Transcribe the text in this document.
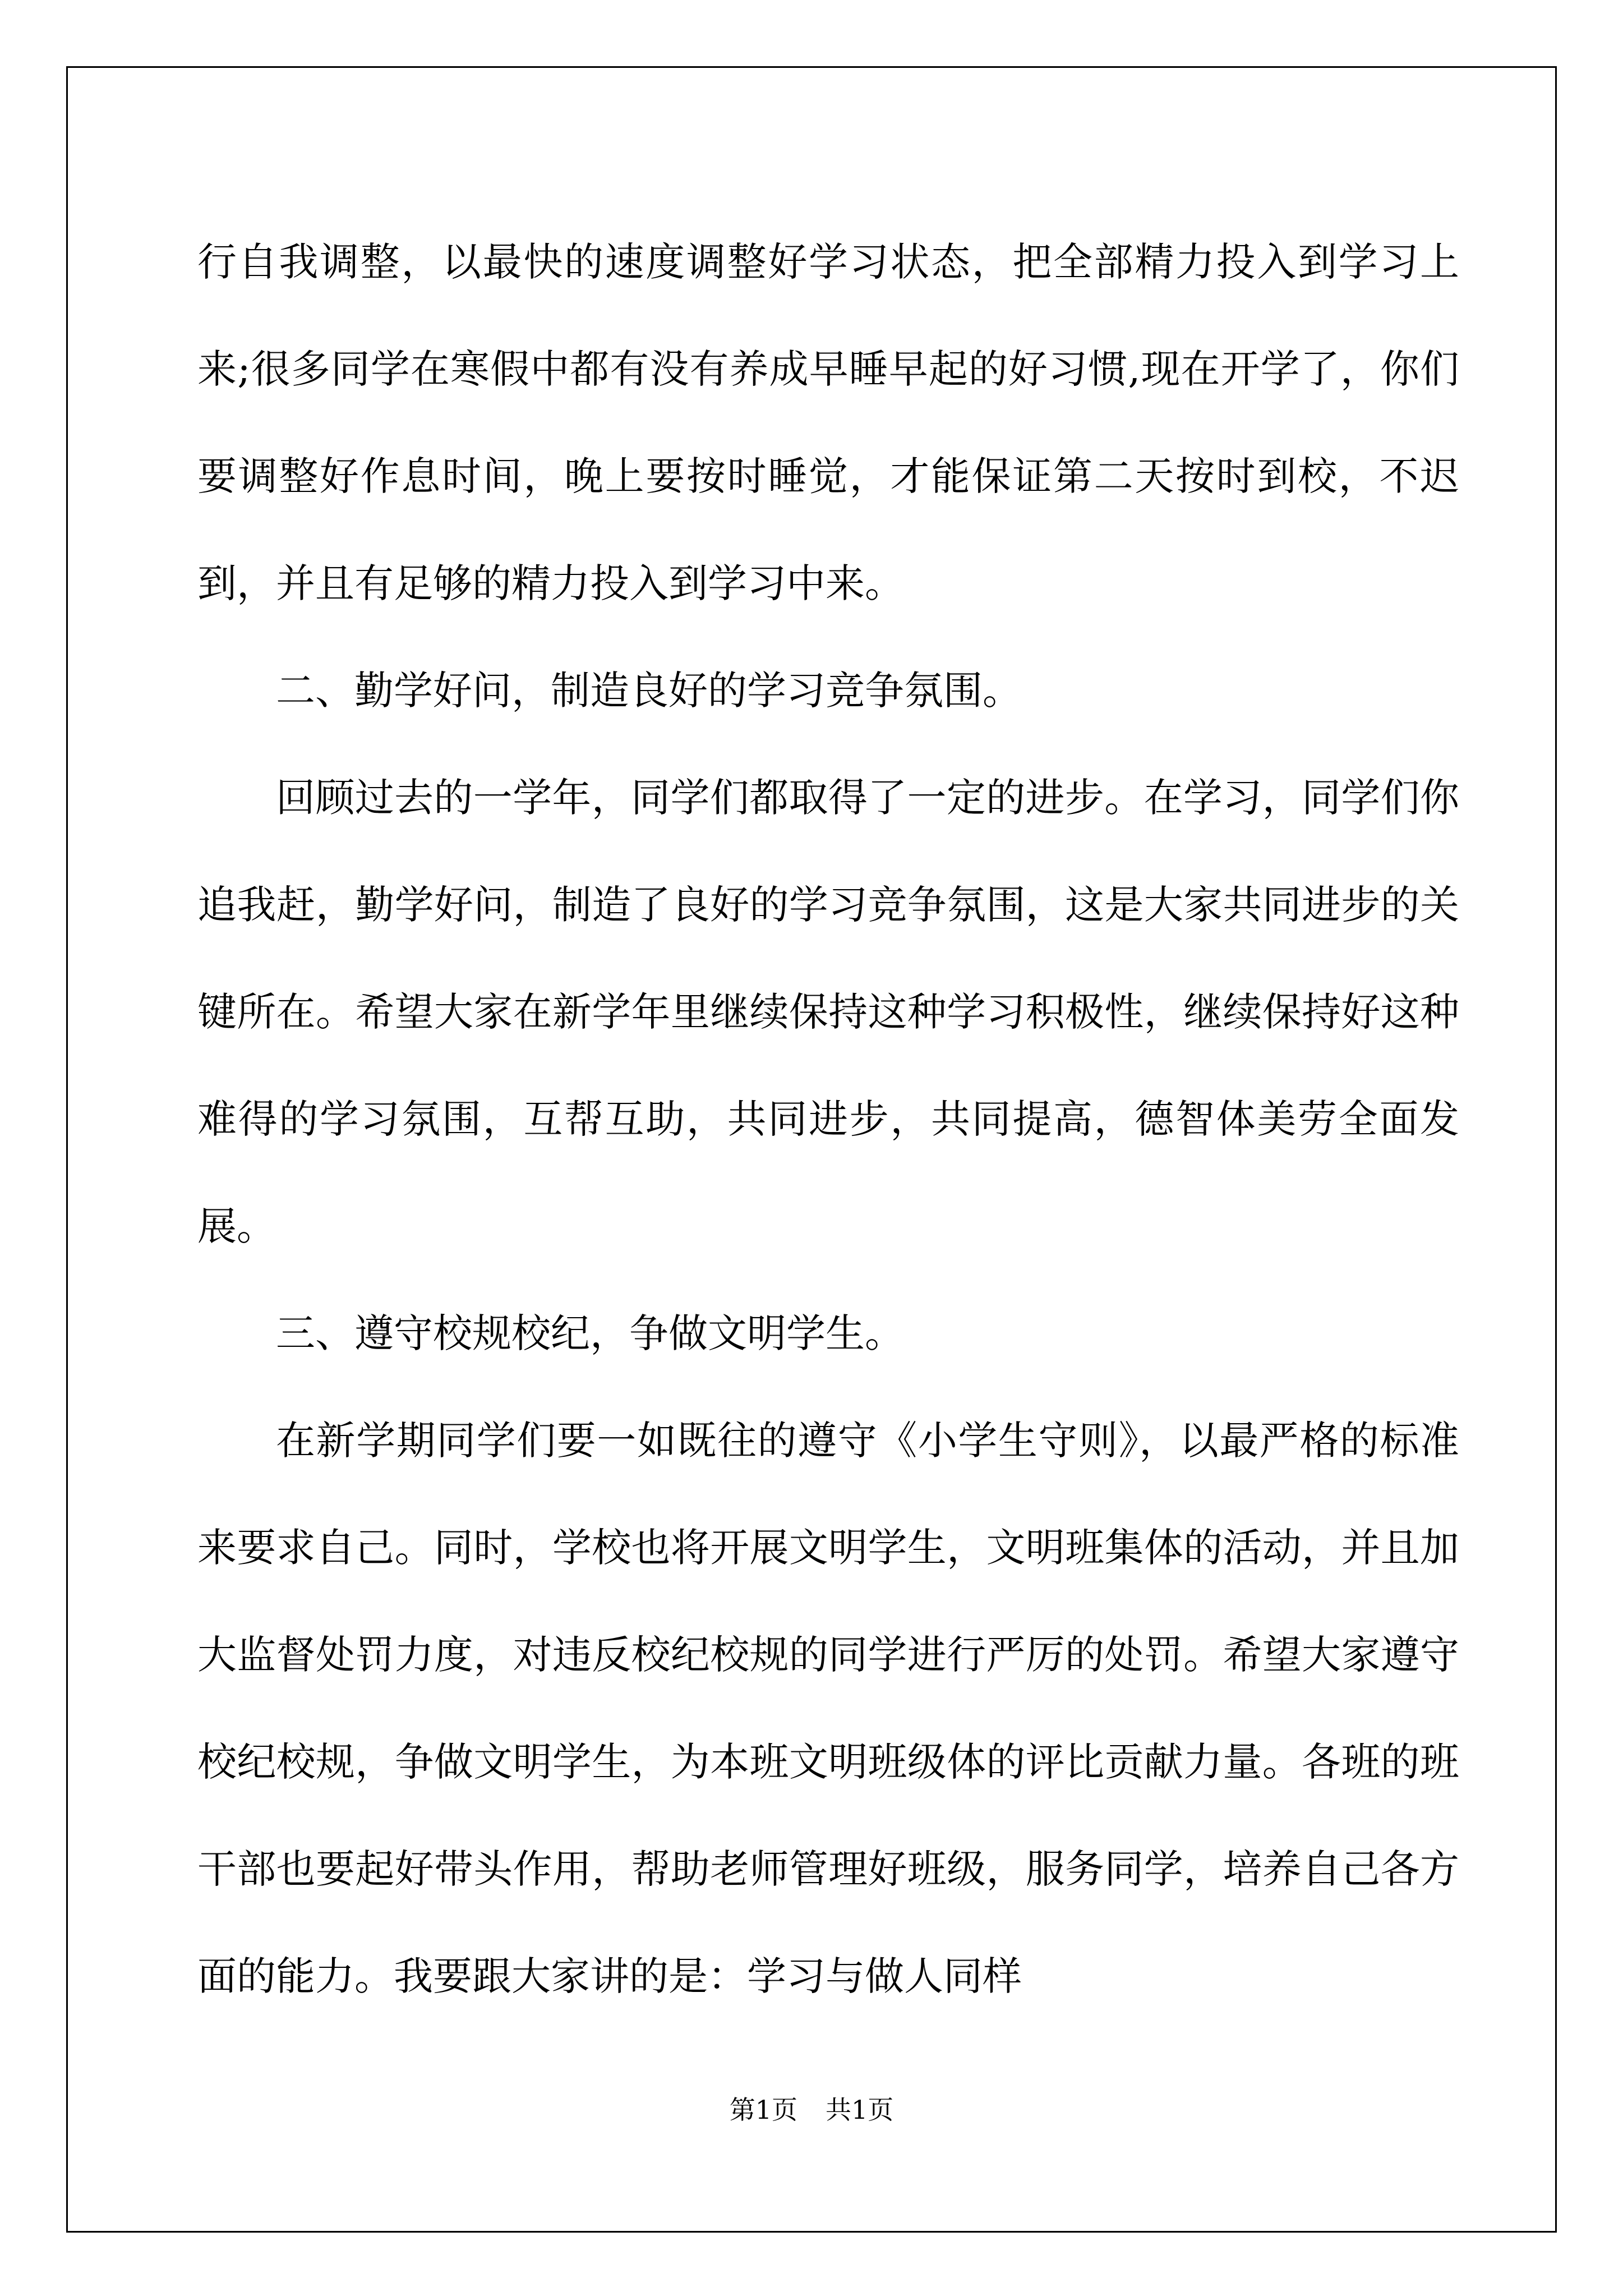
行自我调整，以最快的速度调整好学习状态，把全部精力投入到学习上来;很多同学在寒假中都有没有养成早睡早起的好习惯,现在开学了，你们要调整好作息时间，晚上要按时睡觉，才能保证第二天按时到校，不迟到，并且有足够的精力投入到学习中来。

二、勤学好问，制造良好的学习竞争氛围。

回顾过去的一学年，同学们都取得了一定的进步。在学习，同学们你追我赶，勤学好问，制造了良好的学习竞争氛围，这是大家共同进步的关键所在。希望大家在新学年里继续保持这种学习积极性，继续保持好这种难得的学习氛围，互帮互助，共同进步，共同提高，德智体美劳全面发展。

三、遵守校规校纪，争做文明学生。

在新学期同学们要一如既往的遵守《小学生守则》，以最严格的标准来要求自己。同时，学校也将开展文明学生，文明班集体的活动，并且加大监督处罚力度，对违反校纪校规的同学进行严厉的处罚。希望大家遵守校纪校规，争做文明学生，为本班文明班级体的评比贡献力量。各班的班干部也要起好带头作用，帮助老师管理好班级，服务同学，培养自己各方面的能力。我要跟大家讲的是：学习与做人同样

第1页 共1页
